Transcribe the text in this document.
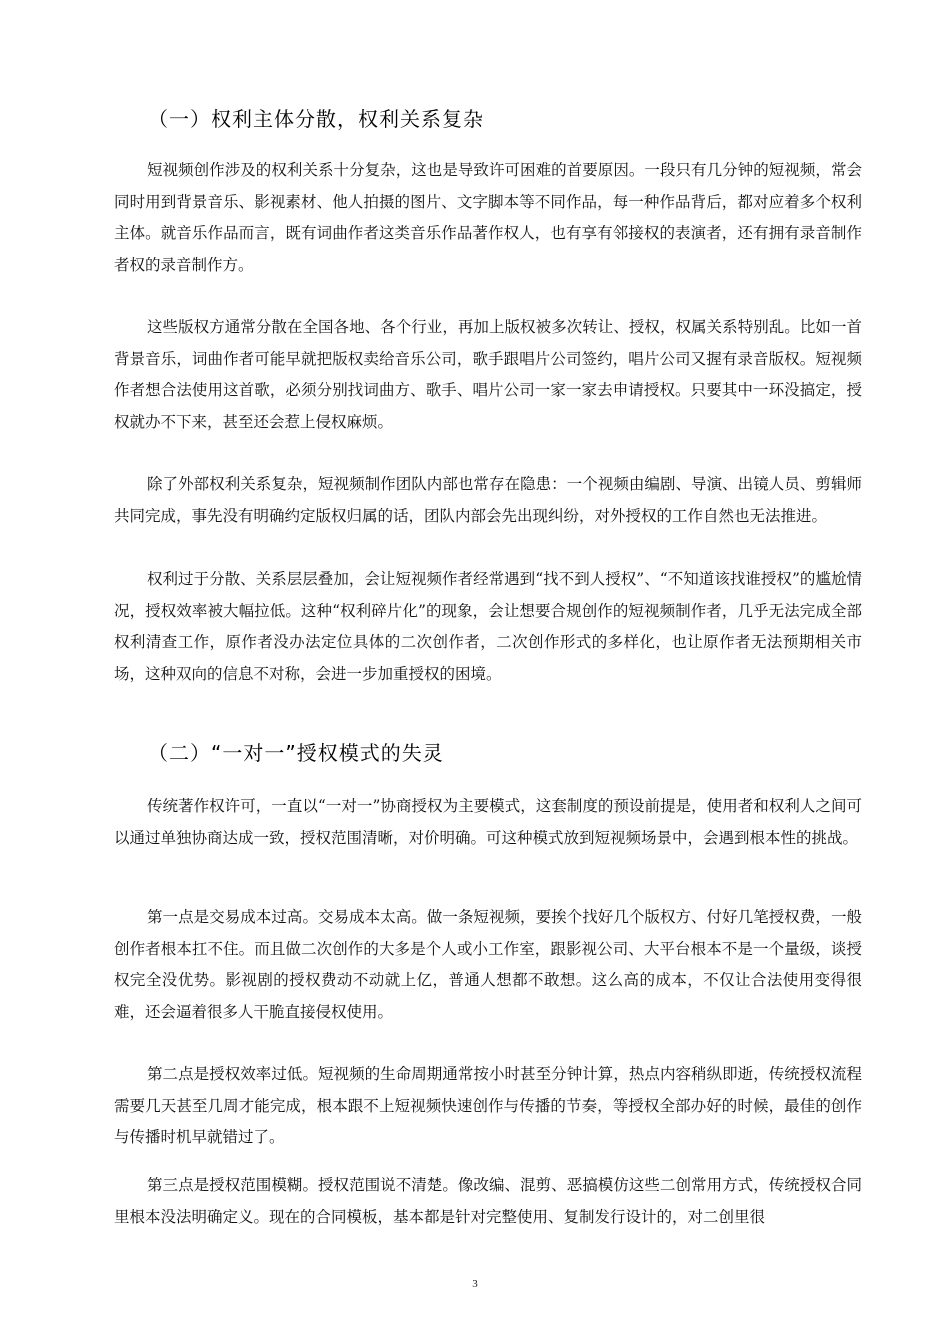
（一）权利主体分散，权利关系复杂

短视频创作涉及的权利关系十分复杂，这也是导致许可困难的首要原因。一段只有几分钟的短视频，常会同时用到背景音乐、影视素材、他人拍摄的图片、文字脚本等不同作品，每一种作品背后，都对应着多个权利主体。就音乐作品而言，既有词曲作者这类音乐作品著作权人，也有享有邻接权的表演者，还有拥有录音制作者权的录音制作方。

这些版权方通常分散在全国各地、各个行业，再加上版权被多次转让、授权，权属关系特别乱。比如一首背景音乐，词曲作者可能早就把版权卖给音乐公司，歌手跟唱片公司签约，唱片公司又握有录音版权。短视频作者想合法使用这首歌，必须分别找词曲方、歌手、唱片公司一家一家去申请授权。只要其中一环没搞定，授权就办不下来，甚至还会惹上侵权麻烦。

除了外部权利关系复杂，短视频制作团队内部也常存在隐患：一个视频由编剧、导演、出镜人员、剪辑师共同完成，事先没有明确约定版权归属的话，团队内部会先出现纠纷，对外授权的工作自然也无法推进。

权利过于分散、关系层层叠加，会让短视频作者经常遇到“找不到人授权”、“不知道该找谁授权”的尴尬情况，授权效率被大幅拉低。这种“权利碎片化”的现象，会让想要合规创作的短视频制作者，几乎无法完成全部权利清查工作，原作者没办法定位具体的二次创作者，二次创作形式的多样化，也让原作者无法预期相关市场，这种双向的信息不对称，会进一步加重授权的困境。

（二）“一对一”授权模式的失灵

传统著作权许可，一直以“一对一”协商授权为主要模式，这套制度的预设前提是，使用者和权利人之间可以通过单独协商达成一致，授权范围清晰，对价明确。可这种模式放到短视频场景中，会遇到根本性的挑战。

第一点是交易成本过高。交易成本太高。做一条短视频，要挨个找好几个版权方、付好几笔授权费，一般创作者根本扛不住。而且做二次创作的大多是个人或小工作室，跟影视公司、大平台根本不是一个量级，谈授权完全没优势。影视剧的授权费动不动就上亿，普通人想都不敢想。这么高的成本，不仅让合法使用变得很难，还会逼着很多人干脆直接侵权使用。

第二点是授权效率过低。短视频的生命周期通常按小时甚至分钟计算，热点内容稍纵即逝，传统授权流程需要几天甚至几周才能完成，根本跟不上短视频快速创作与传播的节奏，等授权全部办好的时候，最佳的创作与传播时机早就错过了。

第三点是授权范围模糊。授权范围说不清楚。像改编、混剪、恶搞模仿这些二创常用方式，传统授权合同里根本没法明确定义。现在的合同模板，基本都是针对完整使用、复制发行设计的，对二创里很

3
